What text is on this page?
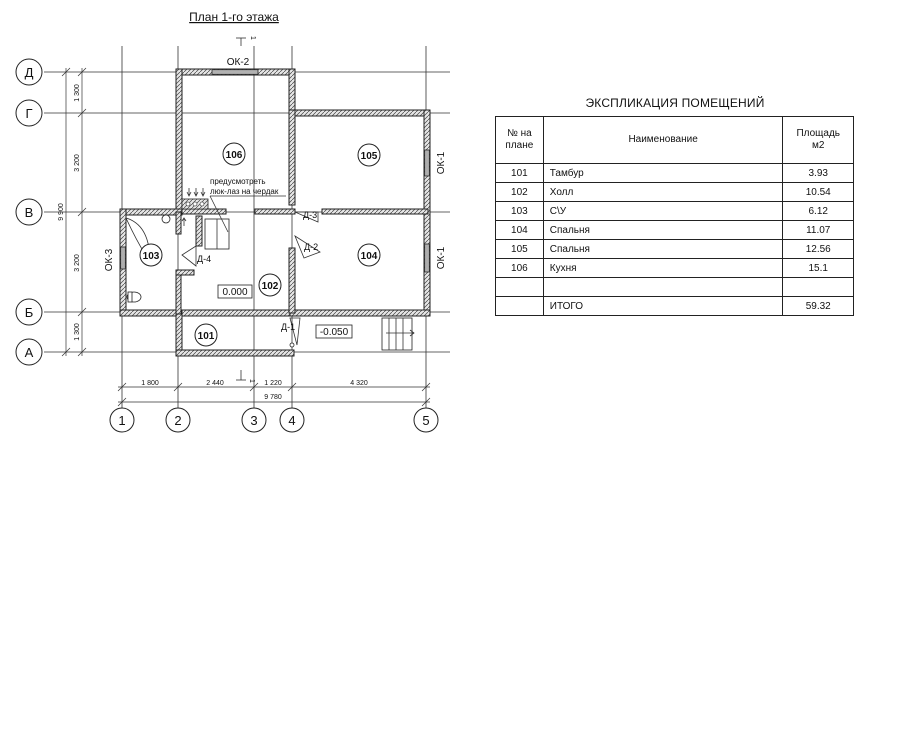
План 1-го этажа
Д
Г
В
Б
А
1	2	3 4	5
1 300
3 200
3 200
1 300
9 900
1 800	2 440	1 220	4 320
9 780
ОК-2
ОК-1
ОК-1
ОК-3
1
1
Д-3
Д-2
Д-4
Д-1
предусмотреть
люк-лаз на чердак
0.000
-0.050
106	105
103	104
102
101
ЭКСПЛИКАЦИЯ ПОМЕЩЕНИЙ
№ на плане	Наименование	Площадь м2
101	Тамбур	3.93
102	Холл	10.54
103	С\У	6.12
104	Спальня	11.07
105	Спальня	12.56
106	Кухня	15.1

	ИТОГО	59.32
